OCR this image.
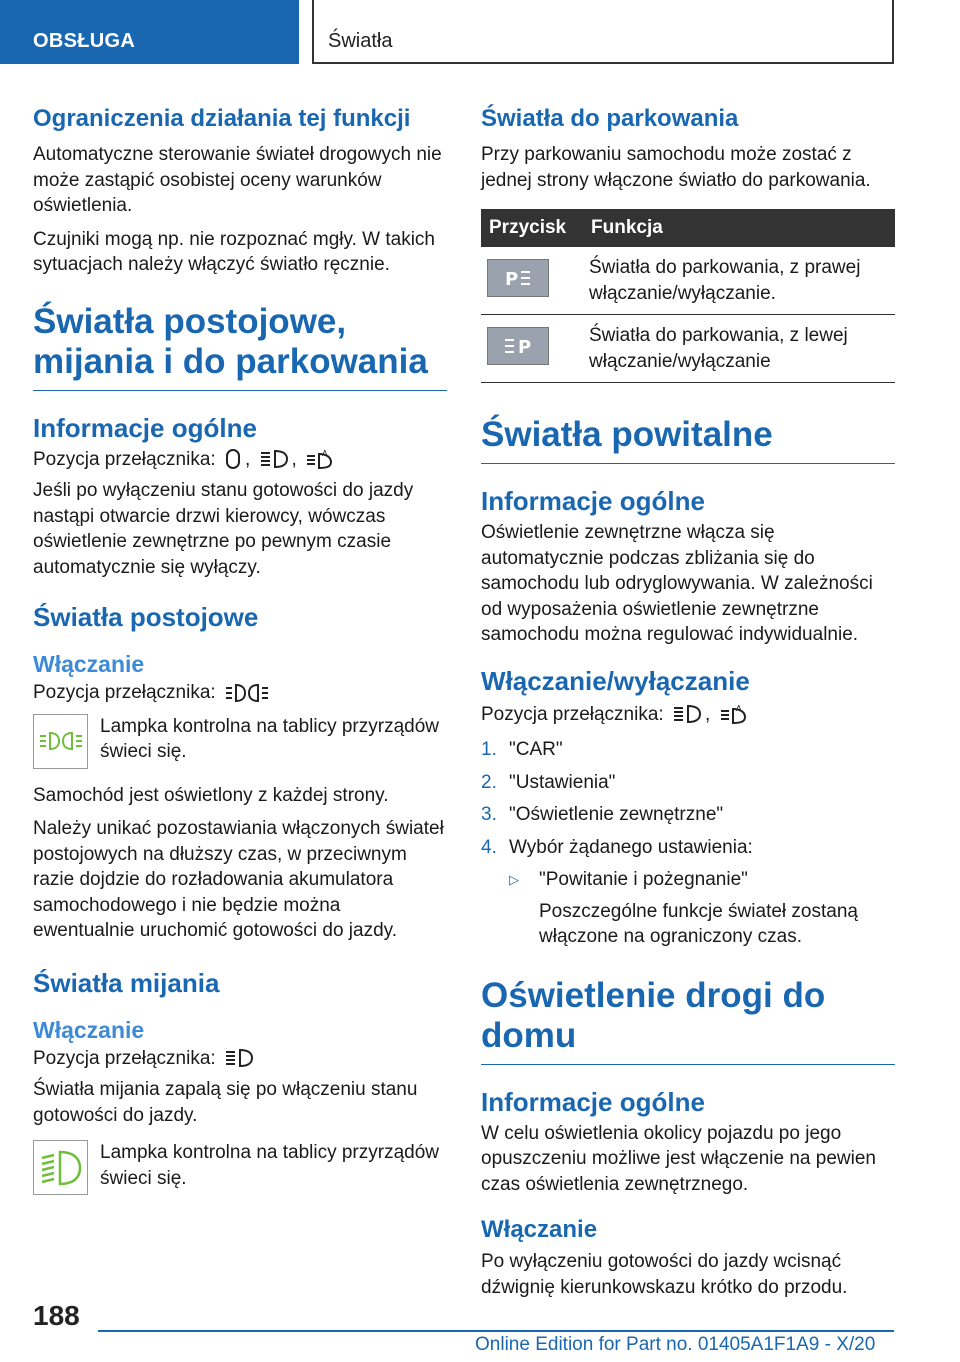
OBSŁUGA	Światła
Ograniczenia działania tej funkcji

Automatyczne sterowanie świateł drogowych nie może zastąpić osobistej oceny warunków oświetlenia.

Czujniki mogą np. nie rozpoznać mgły. W takich sytuacjach należy włączyć światło ręcznie.

Światła postojowe, mijania i do parkowania
Informacje ogólne

Pozycja przełącznika: , ,	A

Jeśli po wyłączeniu stanu gotowości do jazdy nastąpi otwarcie drzwi kierowcy, wówczas oświetlenie zewnętrzne po pewnym czasie automatycznie się wyłączy.

Światła postojowe
Włączanie

Pozycja przełącznika:

Lampka kontrolna na tablicy przyrządów świeci się.

Samochód jest oświetlony z każdej strony.

Należy unikać pozostawiania włączonych świateł postojowych na dłuższy czas, w przeciwnym razie dojdzie do rozładowania akumulatora samochodowego i nie będzie można ewentualnie uruchomić gotowości do jazdy.

Światła mijania
Włączanie

Pozycja przełącznika:

Światła mijania zapalą się po włączeniu stanu gotowości do jazdy.

Lampka kontrolna na tablicy przyrządów świeci się.

Światła do parkowania

Przy parkowaniu samochodu może zostać z jednej strony włączone światło do parkowania.

Przycisk	Funkcja

P	Światła do parkowania, z prawej włączanie/wyłączanie.

P	Światła do parkowania, z lewej włączanie/wyłączanie
Światła powitalne
Informacje ogólne

Oświetlenie zewnętrzne włącza się automatycznie podczas zbliżania się do samochodu lub odryglowywania. W zależności od wyposażenia oświetlenie zewnętrzne samochodu można regulować indywidualnie.

Włączanie/wyłączanie

Pozycja przełącznika: ,	A

1. "CAR"
2. "Ustawienia"
3. "Oświetlenie zewnętrzne"
4. Wybór żądanego ustawienia:
▷	"Powitanie i pożegnanie"

Poszczególne funkcje świateł zostaną włączone na ograniczony czas.

Oświetlenie drogi do domu
Informacje ogólne

W celu oświetlenia okolicy pojazdu po jego opuszczeniu możliwe jest włączenie na pewien czas oświetlenia zewnętrznego.

Włączanie

Po wyłączeniu gotowości do jazdy wcisnąć dźwignię kierunkowskazu krótko do przodu.

188
Online Edition for Part no. 01405A1F1A9 - X/20
